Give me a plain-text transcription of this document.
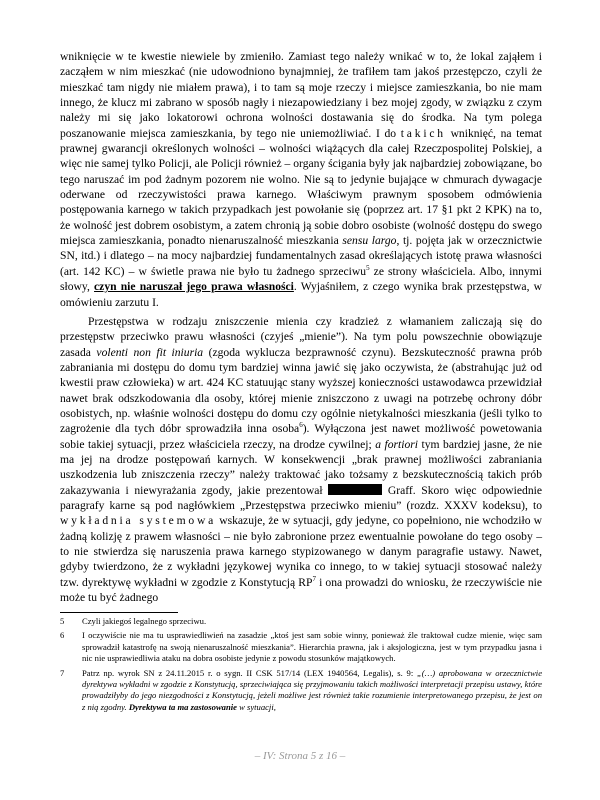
wniknięcie w te kwestie niewiele by zmieniło. Zamiast tego należy wnikać w to, że lokal zająłem i zacząłem w nim mieszkać (nie udowodniono bynajmniej, że trafiłem tam jakoś przestępczo, czyli że mieszkać tam nigdy nie miałem prawa), i to tam są moje rzeczy i miejsce zamieszkania, bo nie mam innego, że klucz mi zabrano w sposób nagły i niezapowiedziany i bez mojej zgody, w związku z czym należy mi się jako lokatorowi ochrona wolności dostawania się do środka. Na tym polega poszanowanie miejsca zamieszkania, by tego nie uniemożliwiać. I do takich wniknięć, na temat prawnej gwarancji określonych wolności – wolności wiążących dla całej Rzeczpospolitej Polskiej, a więc nie samej tylko Policji, ale Policji również – organy ścigania były jak najbardziej zobowiązane, bo tego naruszać im pod żadnym pozorem nie wolno. Nie są to jedynie bujające w chmurach dywagacje oderwane od rzeczywistości prawa karnego. Właściwym prawnym sposobem odmówienia postępowania karnego w takich przypadkach jest powołanie się (poprzez art. 17 §1 pkt 2 KPK) na to, że wolność jest dobrem osobistym, a zatem chronią ją sobie dobro osobiste (wolność dostępu do swego miejsca zamieszkania, ponadto nienaruszalność mieszkania sensu largo, tj. pojęta jak w orzecznictwie SN, itd.) i dlatego – na mocy najbardziej fundamentalnych zasad określających istotę prawa własności (art. 142 KC) – w świetle prawa nie było tu żadnego sprzeciwu$^5$ ze strony właściciela. Albo, innymi słowy, czyn nie naruszał jego prawa własności. Wyjaśniłem, z czego wynika brak przestępstwa, w omówieniu zarzutu I.

Przestępstwa w rodzaju zniszczenie mienia czy kradzież z włamaniem zaliczają się do przestępstw przeciwko prawu własności (czyjeś „mienie”). Na tym polu powszechnie obowiązuje zasada volenti non fit iniuria (zgoda wyklucza bezprawność czynu). Bezskuteczność prawna prób zabraniania mi dostępu do domu tym bardziej winna jawić się jako oczywista, że (abstrahując już od kwestii praw człowieka) w art. 424 KC statuując stany wyższej konieczności ustawodawca przewidział nawet brak odszkodowania dla osoby, której mienie zniszczono z uwagi na potrzebę ochrony dóbr osobistych, np. właśnie wolności dostępu do domu czy ogólnie nietykalności mieszkania (jeśli tylko to zagrożenie dla tych dóbr sprowadziła inna osoba$^6$). Wyłączona jest nawet możliwość powetowania sobie takiej sytuacji, przez właściciela rzeczy, na drodze cywilnej; a fortiori tym bardziej jasne, że nie ma jej na drodze postępowań karnych. W konsekwencji „brak prawnej możliwości zabraniania uszkodzenia lub zniszczenia rzeczy” należy traktować jako tożsamy z bezskutecznością takich prób zakazywania i niewyrażania zgody, jakie prezentował	Graff. Skoro więc odpowiednie paragrafy karne są pod nagłówkiem „Przestępstwa przeciwko mieniu” (rozdz. XXXV kodeksu), to wykładnia systemowa wskazuje, że w sytuacji, gdy jedyne, co popełniono, nie wchodziło w żadną kolizję z prawem własności – nie było zabronione przez ewentualnie powołane do tego osoby – to nie stwierdza się naruszenia prawa karnego stypizowanego w danym paragrafie ustawy. Nawet, gdyby twierdzono, że z wykładni językowej wynika co innego, to w takiej sytuacji stosować należy tzw. dyrektywę wykładni w zgodzie z Konstytucją $RP^7$ i ona prowadzi do wniosku, że rzeczywiście nie może tu być żadnego

5	Czyli jakiegoś legalnego sprzeciwu.
6	I oczywiście nie ma tu usprawiedliwień na zasadzie „ktoś jest sam sobie winny, ponieważ źle traktował cudze mienie, więc sam sprowadził katastrofę na swoją nienaruszalność mieszkania”. Hierarchia prawna, jak i aksjologiczna, jest w tym przypadku jasna i nic nie usprawiedliwia ataku na dobra osobiste jedynie z powodu stosunków majątkowych.
7	Patrz np. wyrok SN z 24.11.2015 r. o sygn. II CSK 517/14 (LEX 1940564, Legalis), s. 9: „(…) aprobowana w orzecznictwie dyrektywa wykładni w zgodzie z Konstytucją, sprzeciwiająca się przyjmowaniu takich możliwości interpretacji przepisu ustawy, które prowadziłyby do jego niezgodności z Konstytucją, jeżeli możliwe jest również takie rozumienie interpretowanego przepisu, że jest on z nią zgodny. Dyrektywa ta ma zastosowanie w sytuacji,
– IV: Strona 5 z 16 –
